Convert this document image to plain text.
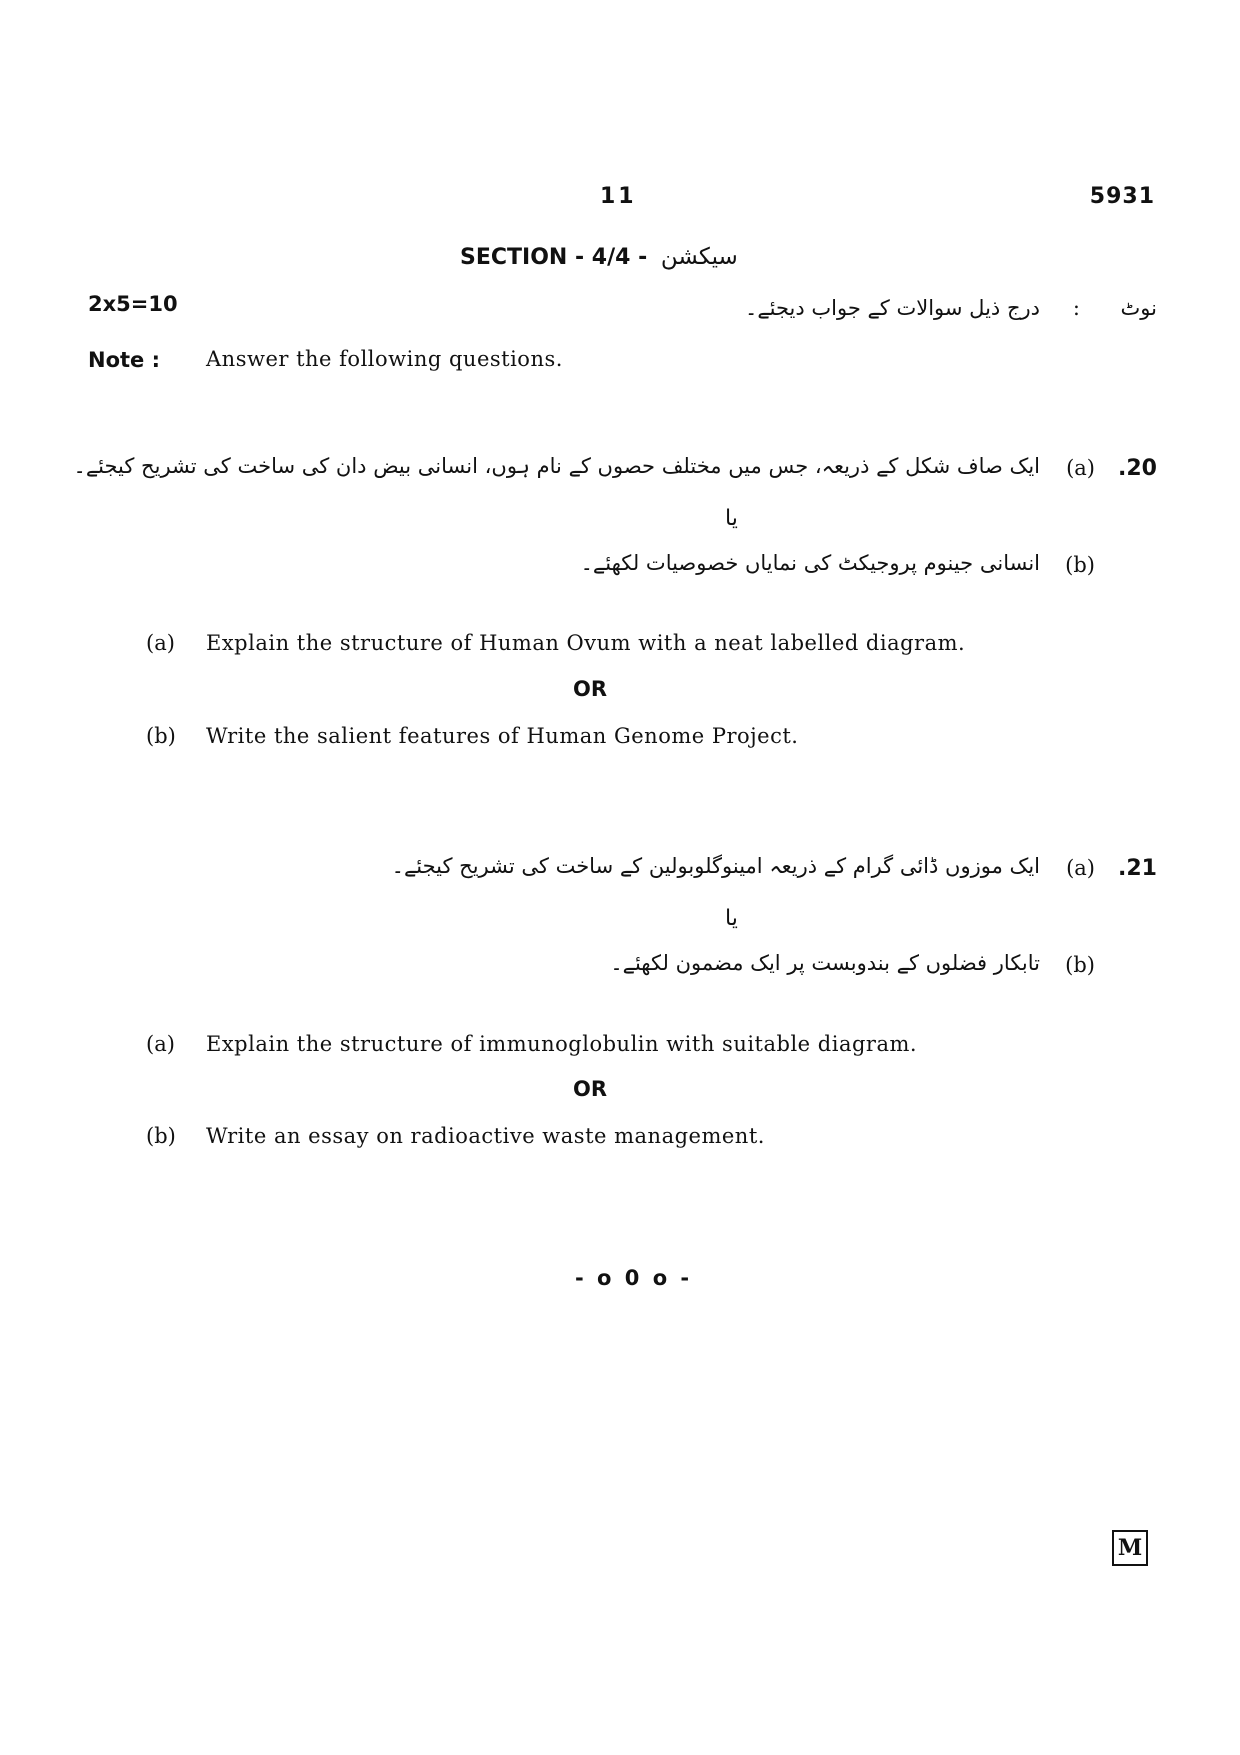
11	5931
SECTION - 4/4 - سیکشن
2x5=10	نوٹ
:
درج ذیل سوالات کے جواب دیجئے۔
Note : Answer the following questions.
.20
(a)
ایک صاف شکل کے ذریعہ، جس میں مختلف حصوں کے نام ہوں، انسانی بیض دان کی ساخت کی تشریح کیجئے۔
یا
(b)
انسانی جینوم پروجیکٹ کی نمایاں خصوصیات لکھئے۔
(a) Explain the structure of Human Ovum with a neat labelled diagram.
OR
(b) Write the salient features of Human Genome Project.
.21
(a)
ایک موزوں ڈائی گرام کے ذریعہ امینوگلوبولین کے ساخت کی تشریح کیجئے۔
یا
(b)
تابکار فضلوں کے بندوبست پر ایک مضمون لکھئے۔
(a) Explain the structure of immunoglobulin with suitable diagram.
OR
(b) Write an essay on radioactive waste management.
- o 0 o -
M
